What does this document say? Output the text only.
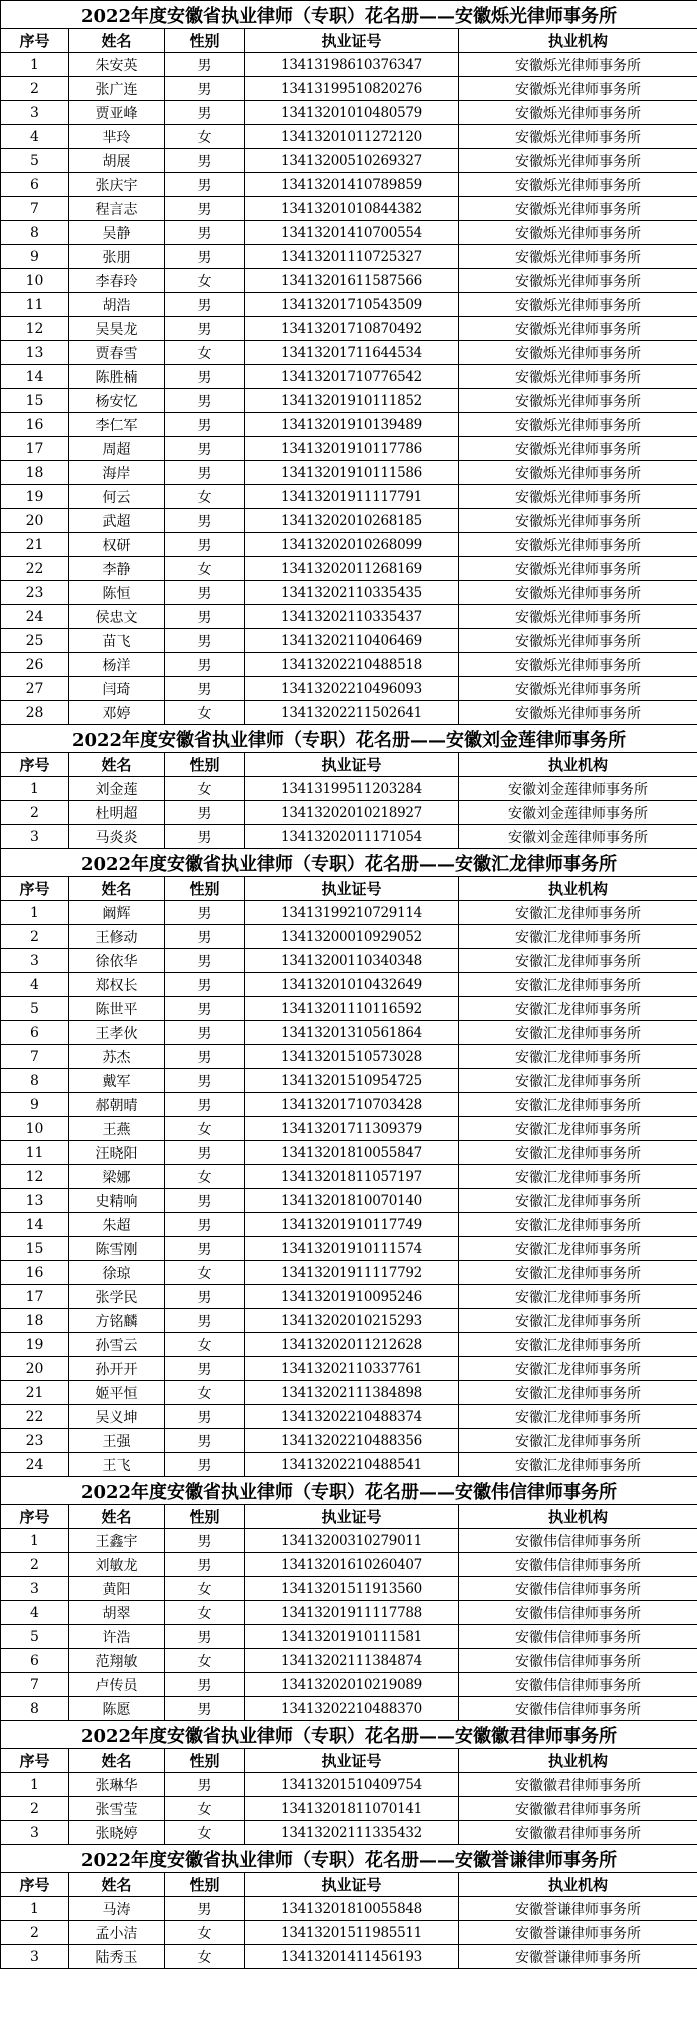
2022年度安徽省执业律师（专职）花名册——安徽烁光律师事务所				
序号	姓名	性别	执业证号	执业机构
1	朱安英	男	13413198610376347	安徽烁光律师事务所
2	张广连	男	13413199510820276	安徽烁光律师事务所
3	贾亚峰	男	13413201010480579	安徽烁光律师事务所
4	芈玲	女	13413201011272120	安徽烁光律师事务所
5	胡展	男	13413200510269327	安徽烁光律师事务所
6	张庆宇	男	13413201410789859	安徽烁光律师事务所
7	程言志	男	13413201010844382	安徽烁光律师事务所
8	吴静	男	13413201410700554	安徽烁光律师事务所
9	张朋	男	13413201110725327	安徽烁光律师事务所
10	李春玲	女	13413201611587566	安徽烁光律师事务所
11	胡浩	男	13413201710543509	安徽烁光律师事务所
12	吴昊龙	男	13413201710870492	安徽烁光律师事务所
13	贾春雪	女	13413201711644534	安徽烁光律师事务所
14	陈胜楠	男	13413201710776542	安徽烁光律师事务所
15	杨安忆	男	13413201910111852	安徽烁光律师事务所
16	李仁军	男	13413201910139489	安徽烁光律师事务所
17	周超	男	13413201910117786	安徽烁光律师事务所
18	海岸	男	13413201910111586	安徽烁光律师事务所
19	何云	女	13413201911117791	安徽烁光律师事务所
20	武超	男	13413202010268185	安徽烁光律师事务所
21	权研	男	13413202010268099	安徽烁光律师事务所
22	李静	女	13413202011268169	安徽烁光律师事务所
23	陈恒	男	13413202110335435	安徽烁光律师事务所
24	侯忠文	男	13413202110335437	安徽烁光律师事务所
25	苗飞	男	13413202110406469	安徽烁光律师事务所
26	杨洋	男	13413202210488518	安徽烁光律师事务所
27	闫琦	男	13413202210496093	安徽烁光律师事务所
28	邓婷	女	13413202211502641	安徽烁光律师事务所
2022年度安徽省执业律师（专职）花名册——安徽刘金莲律师事务所				
序号	姓名	性别	执业证号	执业机构
1	刘金莲	女	13413199511203284	安徽刘金莲律师事务所
2	杜明超	男	13413202010218927	安徽刘金莲律师事务所
3	马炎炎	男	13413202011171054	安徽刘金莲律师事务所
2022年度安徽省执业律师（专职）花名册——安徽汇龙律师事务所				
序号	姓名	性别	执业证号	执业机构
1	阚辉	男	13413199210729114	安徽汇龙律师事务所
2	王修动	男	13413200010929052	安徽汇龙律师事务所
3	徐依华	男	13413200110340348	安徽汇龙律师事务所
4	郑权长	男	13413201010432649	安徽汇龙律师事务所
5	陈世平	男	13413201110116592	安徽汇龙律师事务所
6	王孝伙	男	13413201310561864	安徽汇龙律师事务所
7	苏杰	男	13413201510573028	安徽汇龙律师事务所
8	戴军	男	13413201510954725	安徽汇龙律师事务所
9	郝朝晴	男	13413201710703428	安徽汇龙律师事务所
10	王燕	女	13413201711309379	安徽汇龙律师事务所
11	汪晓阳	男	13413201810055847	安徽汇龙律师事务所
12	梁娜	女	13413201811057197	安徽汇龙律师事务所
13	史精响	男	13413201810070140	安徽汇龙律师事务所
14	朱超	男	13413201910117749	安徽汇龙律师事务所
15	陈雪刚	男	13413201910111574	安徽汇龙律师事务所
16	徐琼	女	13413201911117792	安徽汇龙律师事务所
17	张学民	男	13413201910095246	安徽汇龙律师事务所
18	方铭麟	男	13413202010215293	安徽汇龙律师事务所
19	孙雪云	女	13413202011212628	安徽汇龙律师事务所
20	孙开开	男	13413202110337761	安徽汇龙律师事务所
21	姬平恒	女	13413202111384898	安徽汇龙律师事务所
22	吴义坤	男	13413202210488374	安徽汇龙律师事务所
23	王强	男	13413202210488356	安徽汇龙律师事务所
24	王飞	男	13413202210488541	安徽汇龙律师事务所
2022年度安徽省执业律师（专职）花名册——安徽伟信律师事务所				
序号	姓名	性别	执业证号	执业机构
1	王鑫宇	男	13413200310279011	安徽伟信律师事务所
2	刘敏龙	男	13413201610260407	安徽伟信律师事务所
3	黄阳	女	13413201511913560	安徽伟信律师事务所
4	胡翠	女	13413201911117788	安徽伟信律师事务所
5	许浩	男	13413201910111581	安徽伟信律师事务所
6	范翔敏	女	13413202111384874	安徽伟信律师事务所
7	卢传员	男	13413202010219089	安徽伟信律师事务所
8	陈愿	男	13413202210488370	安徽伟信律师事务所
2022年度安徽省执业律师（专职）花名册——安徽徽君律师事务所				
序号	姓名	性别	执业证号	执业机构
1	张琳华	男	13413201510409754	安徽徽君律师事务所
2	张雪莹	女	13413201811070141	安徽徽君律师事务所
3	张晓婷	女	13413202111335432	安徽徽君律师事务所
2022年度安徽省执业律师（专职）花名册——安徽誉谦律师事务所				
序号	姓名	性别	执业证号	执业机构
1	马涛	男	13413201810055848	安徽誉谦律师事务所
2	孟小洁	女	13413201511985511	安徽誉谦律师事务所
3	陆秀玉	女	13413201411456193	安徽誉谦律师事务所
